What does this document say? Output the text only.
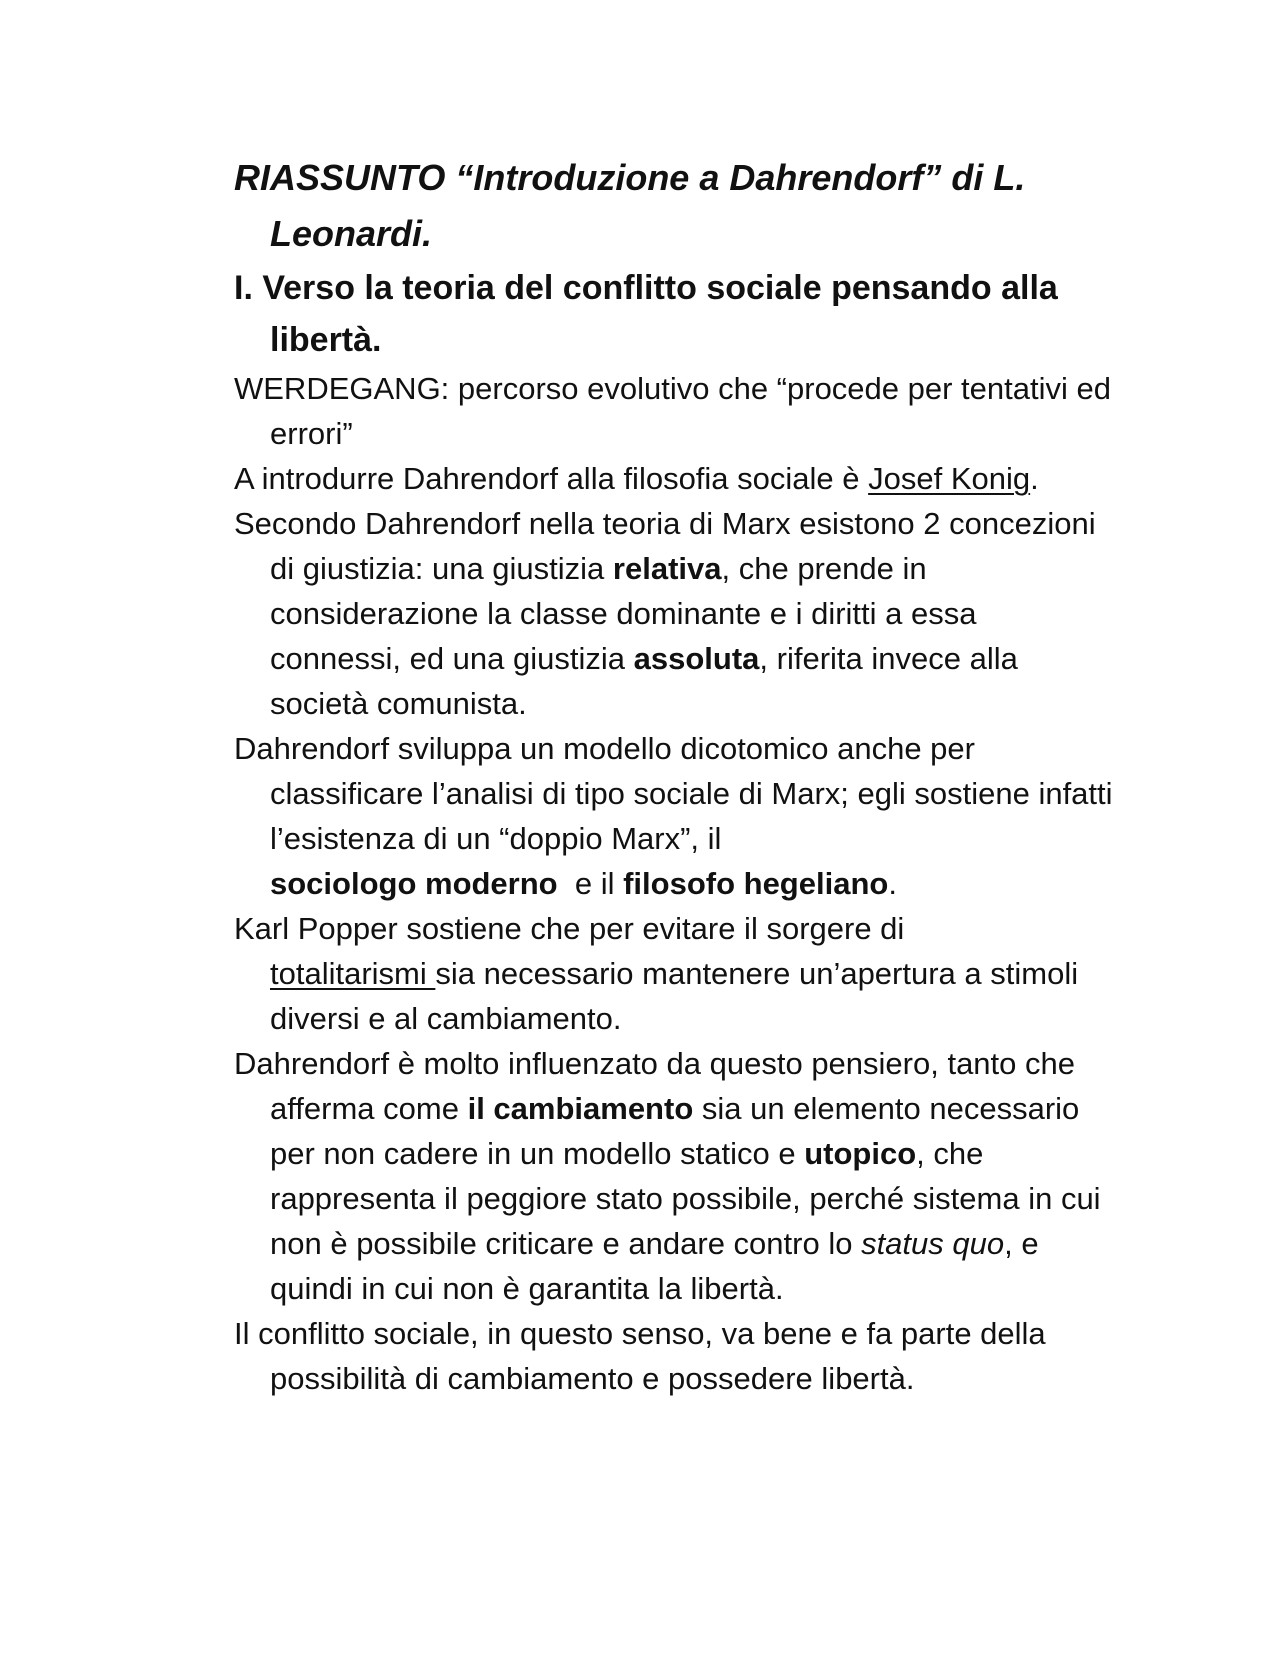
RIASSUNTO “Introduzione a Dahrendorf” di L. Leonardi.

I. Verso la teoria del conflitto sociale pensando alla libertà.

WERDEGANG: percorso evolutivo che “procede per tentativi ed errori”

A introdurre Dahrendorf alla filosofia sociale è Josef Konig.

Secondo Dahrendorf nella teoria di Marx esistono 2 concezioni di giustizia: una giustizia relativa, che prende in considerazione la classe dominante e i diritti a essa connessi, ed una giustizia assoluta, riferita invece alla società comunista.

Dahrendorf sviluppa un modello dicotomico anche per classificare l’analisi di tipo sociale di Marx; egli sostiene infatti l’esistenza di un “doppio Marx”, il sociologo moderno  e il filosofo hegeliano.

Karl Popper sostiene che per evitare il sorgere di totalitarismi sia necessario mantenere un’apertura a stimoli diversi e al cambiamento.

Dahrendorf è molto influenzato da questo pensiero, tanto che afferma come il cambiamento sia un elemento necessario per non cadere in un modello statico e utopico, che rappresenta il peggiore stato possibile, perché sistema in cui non è possibile criticare e andare contro lo status quo, e quindi in cui non è garantita la libertà.

Il conflitto sociale, in questo senso, va bene e fa parte della possibilità di cambiamento e possedere libertà.
